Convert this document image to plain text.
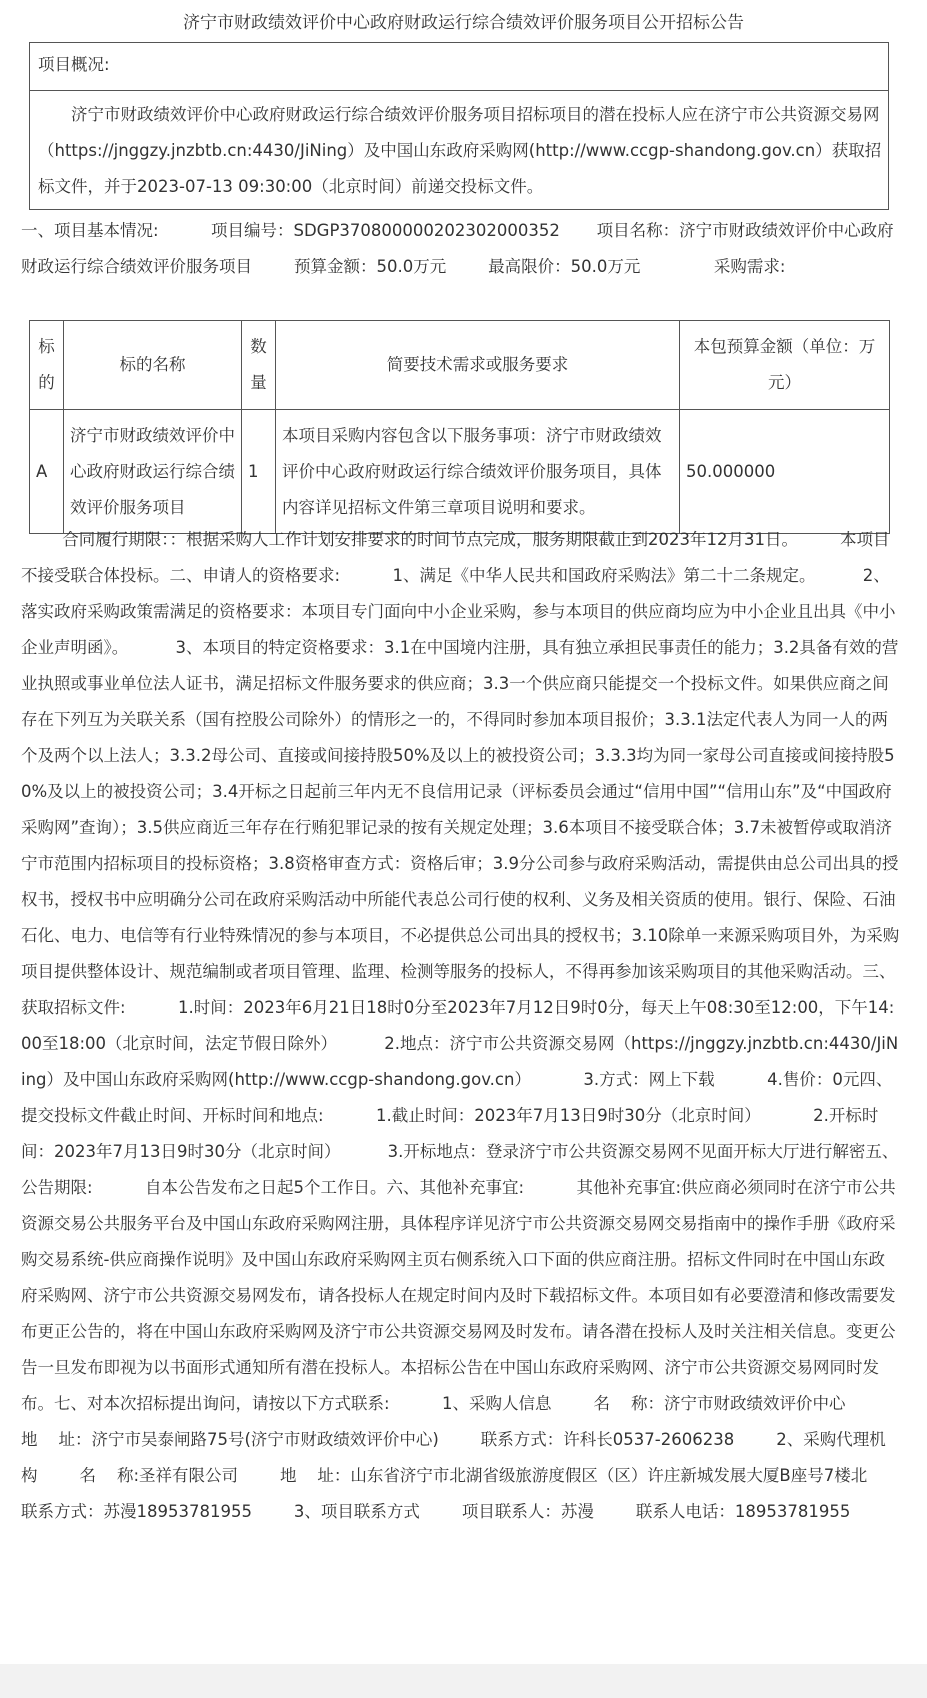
济宁市财政绩效评价中心政府财政运行综合绩效评价服务项目公开招标公告
项目概况:
济宁市财政绩效评价中心政府财政运行综合绩效评价服务项目招标项目的潜在投标人应在济宁市公共资源交易网（https://jnggzy.jnzbtb.cn:4430/JiNing）及中国山东政府采购网(http://www.ccgp-shandong.gov.cn）获取招标文件，并于2023-07-13 09:30:00（北京时间）前递交投标文件。
一、项目基本情况:          项目编号：SDGP370800000202302000352       项目名称：济宁市财政绩效评价中心政府财政运行综合绩效评价服务项目        预算金额：50.0万元        最高限价：50.0万元              采购需求:
标的	标的名称	数量	简要技术需求或服务要求	本包预算金额（单位：万元）
A	济宁市财政绩效评价中心政府财政运行综合绩效评价服务项目	1	本项目采购内容包含以下服务事项：济宁市财政绩效评价中心政府财政运行综合绩效评价服务项目，具体内容详见招标文件第三章项目说明和要求。	50.000000
合同履行期限：：根据采购人工作计划安排要求的时间节点完成，服务期限截止到2023年12月31日。        本项目不接受联合体投标。二、申请人的资格要求:          1、满足《中华人民共和国政府采购法》第二十二条规定。         2、落实政府采购政策需满足的资格要求：本项目专门面向中小企业采购，参与本项目的供应商均应为中小企业且出具《中小企业声明函》。         3、本项目的特定资格要求：3.1在中国境内注册，具有独立承担民事责任的能力；3.2具备有效的营业执照或事业单位法人证书，满足招标文件服务要求的供应商；3.3一个供应商只能提交一个投标文件。如果供应商之间存在下列互为关联关系（国有控股公司除外）的情形之一的，不得同时参加本项目报价；3.3.1法定代表人为同一人的两个及两个以上法人；3.3.2母公司、直接或间接持股50%及以上的被投资公司；3.3.3均为同一家母公司直接或间接持股50%及以上的被投资公司；3.4开标之日起前三年内无不良信用记录（评标委员会通过“信用中国”“信用山东”及“中国政府采购网”查询）；3.5供应商近三年存在行贿犯罪记录的按有关规定处理；3.6本项目不接受联合体；3.7未被暂停或取消济宁市范围内招标项目的投标资格；3.8资格审查方式：资格后审；3.9分公司参与政府采购活动，需提供由总公司出具的授权书，授权书中应明确分公司在政府采购活动中所能代表总公司行使的权利、义务及相关资质的使用。银行、保险、石油石化、电力、电信等有行业特殊情况的参与本项目，不必提供总公司出具的授权书；3.10除单一来源采购项目外，为采购项目提供整体设计、规范编制或者项目管理、监理、检测等服务的投标人，不得再参加该采购项目的其他采购活动。三、获取招标文件:          1.时间：2023年6月21日18时0分至2023年7月12日9时0分，每天上午08:30至12:00，下午14:00至18:00（北京时间，法定节假日除外）         2.地点：济宁市公共资源交易网（https://jnggzy.jnzbtb.cn:4430/JiNing）及中国山东政府采购网(http://www.ccgp-shandong.gov.cn）          3.方式：网上下载          4.售价：0元四、提交投标文件截止时间、开标时间和地点:          1.截止时间：2023年7月13日9时30分（北京时间）          2.开标时间：2023年7月13日9时30分（北京时间）         3.开标地点：登录济宁市公共资源交易网不见面开标大厅进行解密五、公告期限:          自本公告发布之日起5个工作日。六、其他补充事宜:          其他补充事宜:供应商必须同时在济宁市公共资源交易公共服务平台及中国山东政府采购网注册，具体程序详见济宁市公共资源交易网交易指南中的操作手册《政府采购交易系统-供应商操作说明》及中国山东政府采购网主页右侧系统入口下面的供应商注册。招标文件同时在中国山东政府采购网、济宁市公共资源交易网发布，请各投标人在规定时间内及时下载招标文件。本项目如有必要澄清和修改需要发布更正公告的，将在中国山东政府采购网及济宁市公共资源交易网及时发布。请各潜在投标人及时关注相关信息。变更公告一旦发布即视为以书面形式通知所有潜在投标人。本招标公告在中国山东政府采购网、济宁市公共资源交易网同时发布。七、对本次招标提出询问，请按以下方式联系:          1、采购人信息        名    称：济宁市财政绩效评价中心        地    址：济宁市吴泰闸路75号(济宁市财政绩效评价中心)        联系方式：许科长0537-2606238        2、采购代理机构        名    称:圣祥有限公司        地    址：山东省济宁市北湖省级旅游度假区（区）许庄新城发展大厦B座号7楼北        联系方式：苏漫18953781955        3、项目联系方式        项目联系人：苏漫        联系人电话：18953781955
